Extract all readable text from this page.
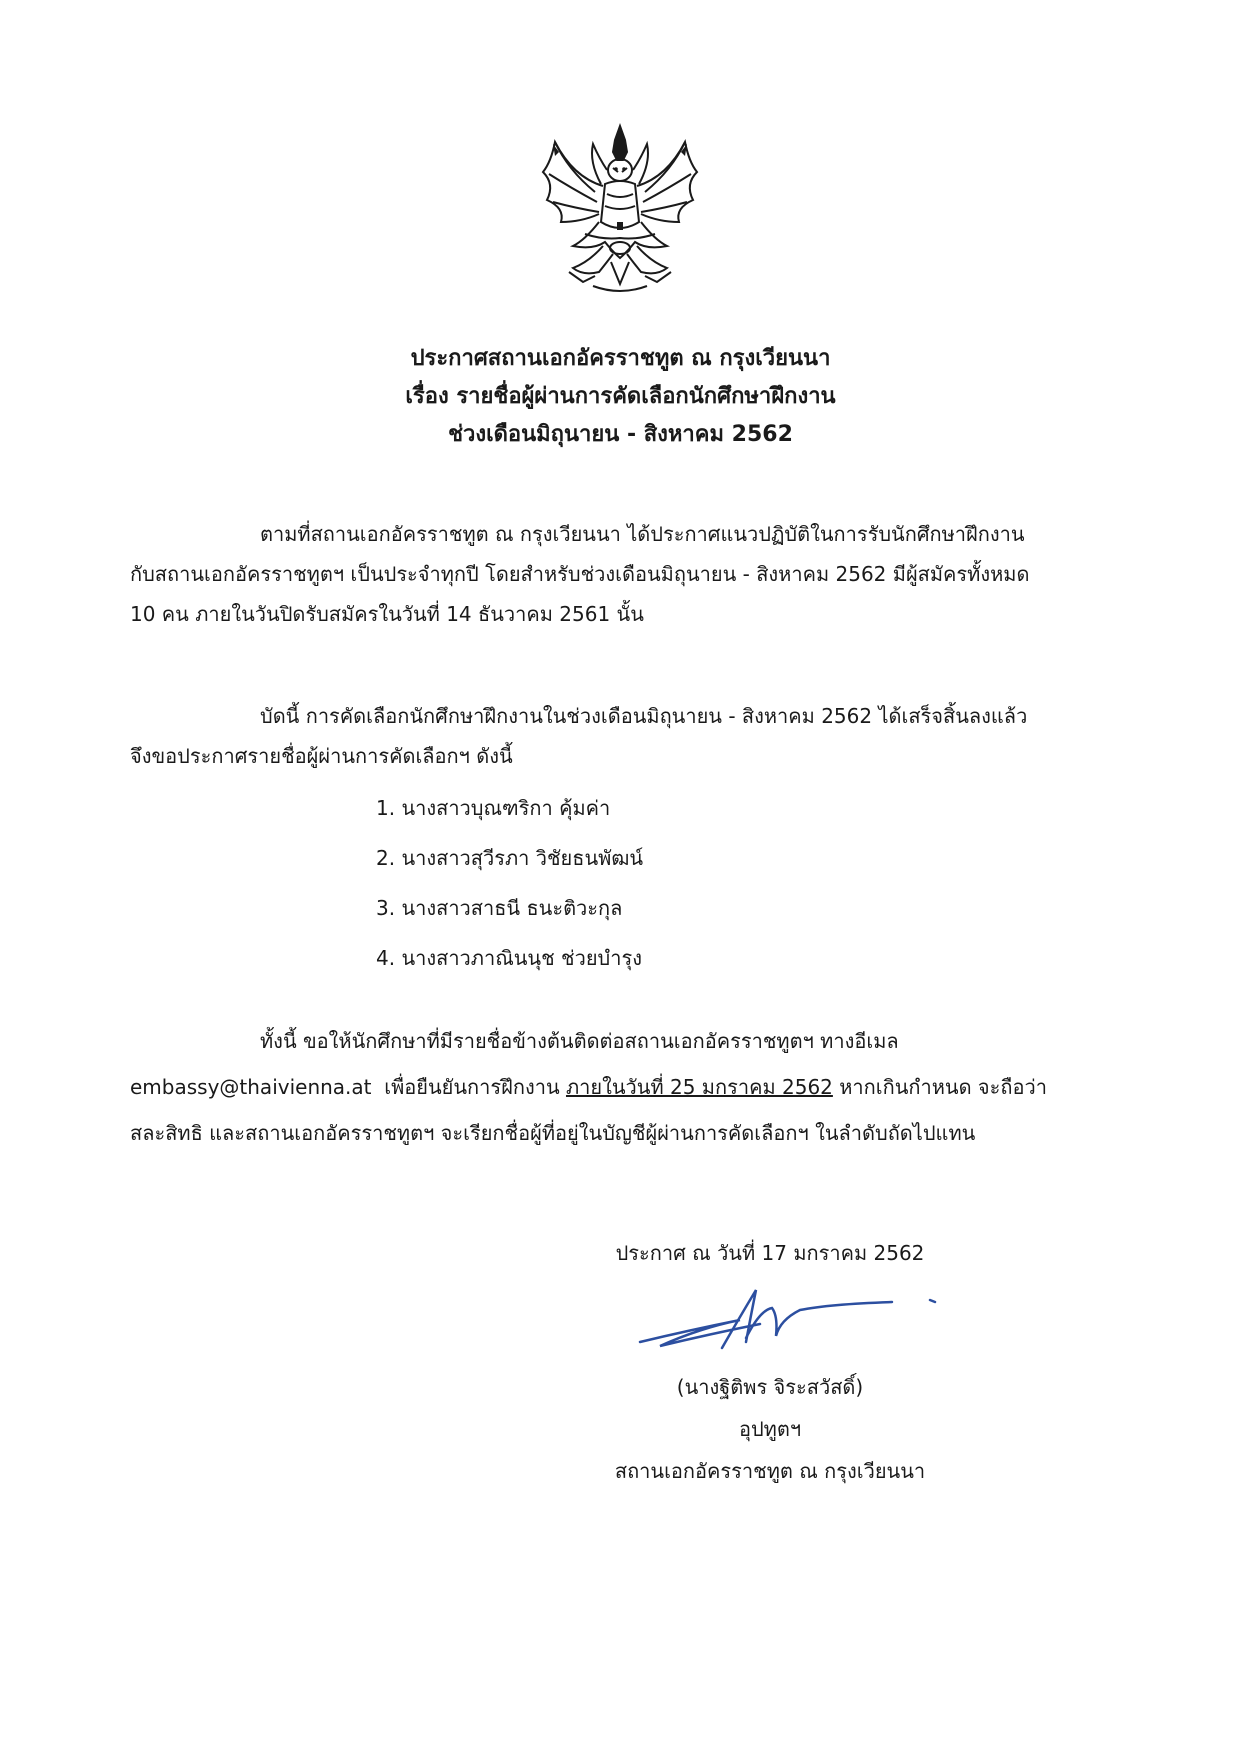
ประกาศสถานเอกอัครราชทูต ณ กรุงเวียนนา
เรื่อง รายชื่อผู้ผ่านการคัดเลือกนักศึกษาฝึกงาน
ช่วงเดือนมิถุนายน - สิงหาคม 2562
ตามที่สถานเอกอัครราชทูต ณ กรุงเวียนนา ได้ประกาศแนวปฏิบัติในการรับนักศึกษาฝึกงาน
กับสถานเอกอัครราชทูตฯ เป็นประจำทุกปี โดยสำหรับช่วงเดือนมิถุนายน - สิงหาคม 2562 มีผู้สมัครทั้งหมด
10 คน ภายในวันปิดรับสมัครในวันที่ 14 ธันวาคม 2561 นั้น
บัดนี้ การคัดเลือกนักศึกษาฝึกงานในช่วงเดือนมิถุนายน - สิงหาคม 2562 ได้เสร็จสิ้นลงแล้ว
จึงขอประกาศรายชื่อผู้ผ่านการคัดเลือกฯ ดังนี้
1. นางสาวบุณฑริกา คุ้มค่า
2. นางสาวสุวีรภา วิชัยธนพัฒน์
3. นางสาวสาธนี ธนะติวะกุล
4. นางสาวภาณินนุช ช่วยบำรุง
ทั้งนี้ ขอให้นักศึกษาที่มีรายชื่อข้างต้นติดต่อสถานเอกอัครราชทูตฯ ทางอีเมล
embassy@thaivienna.at เพื่อยืนยันการฝึกงาน ภายในวันที่ 25 มกราคม 2562 หากเกินกำหนด จะถือว่า
สละสิทธิ และสถานเอกอัครราชทูตฯ จะเรียกชื่อผู้ที่อยู่ในบัญชีผู้ผ่านการคัดเลือกฯ ในลำดับถัดไปแทน
ประกาศ ณ วันที่ 17 มกราคม 2562
(นางฐิติพร จิระสวัสดิ์)
อุปทูตฯ
สถานเอกอัครราชทูต ณ กรุงเวียนนา
